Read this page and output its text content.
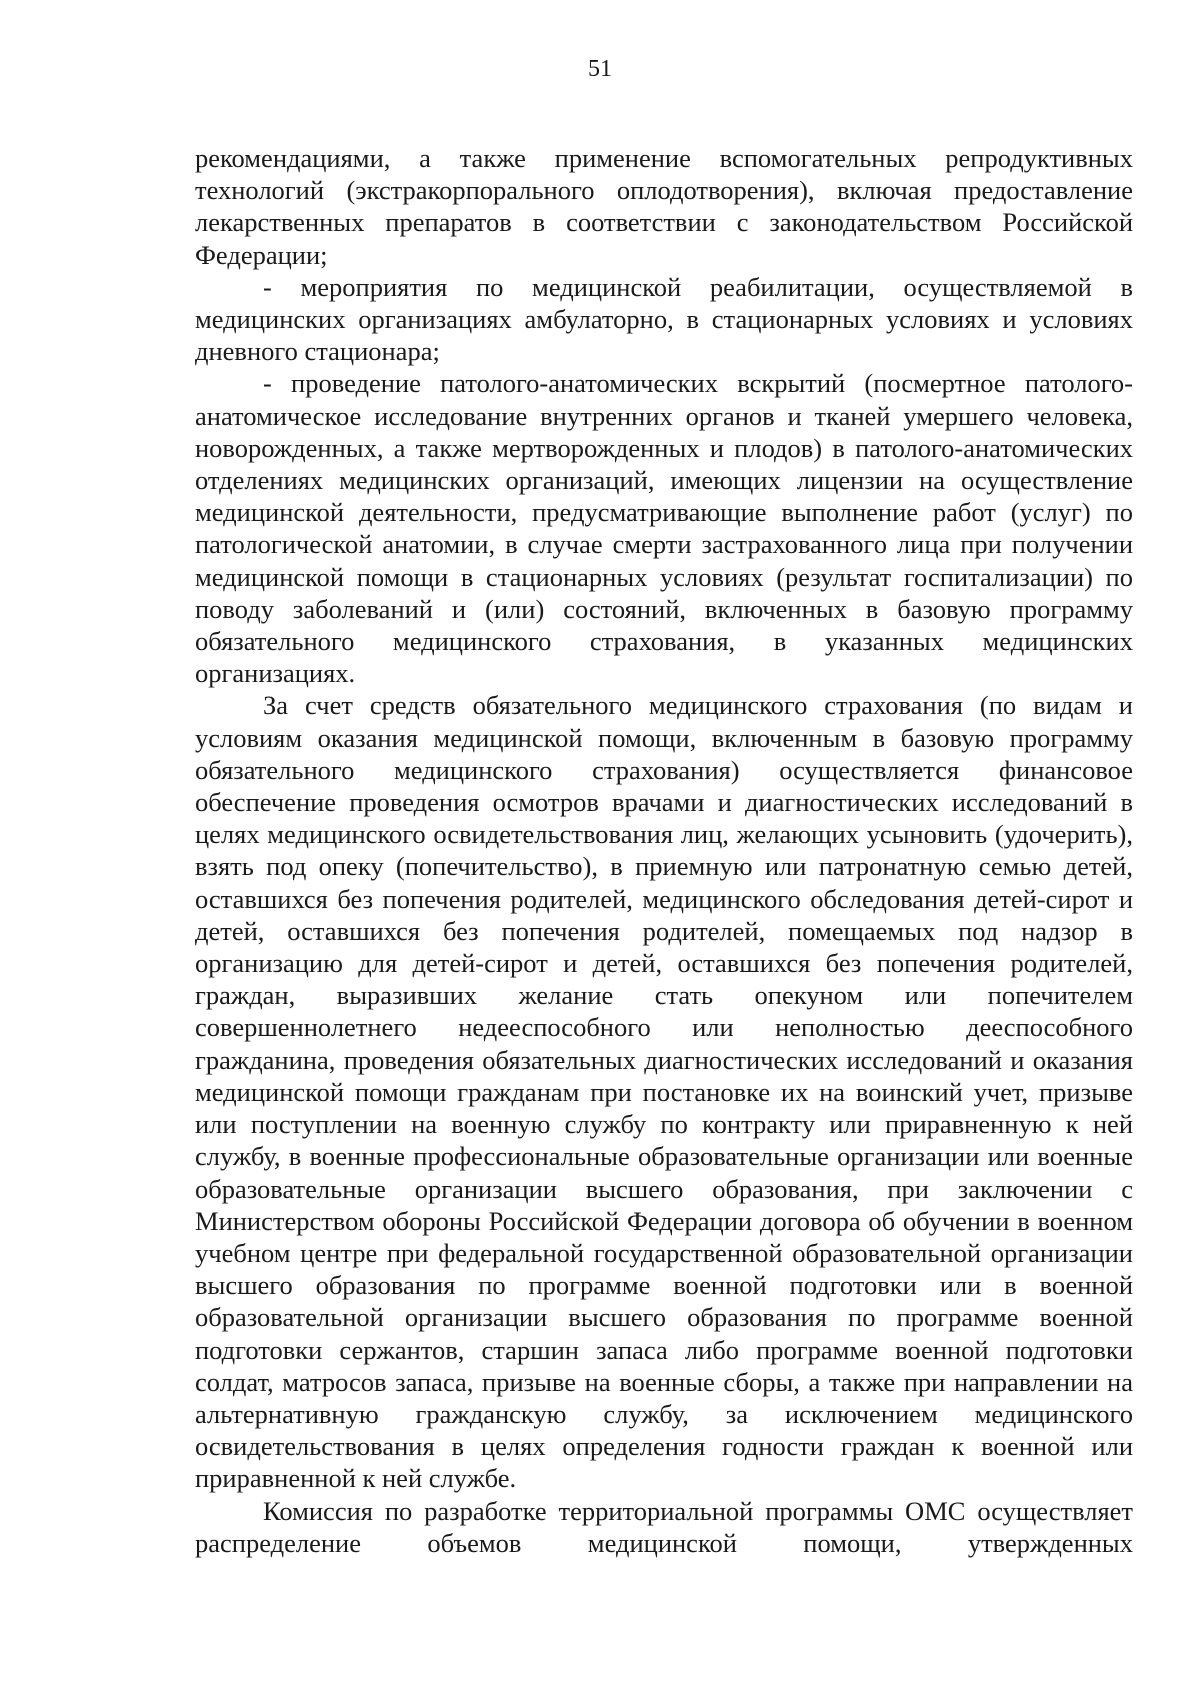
51

рекомендациями, а также применение вспомогательных репродуктивных технологий (экстракорпорального оплодотворения), включая предоставление лекарственных препаратов в соответствии с законодательством Российской Федерации;

- мероприятия по медицинской реабилитации, осуществляемой в медицинских организациях амбулаторно, в стационарных условиях и условиях дневного стационара;

- проведение патолого-анатомических вскрытий (посмертное патолого-анатомическое исследование внутренних органов и тканей умершего человека, новорожденных, а также мертворожденных и плодов) в патолого-анатомических отделениях медицинских организаций, имеющих лицензии на осуществление медицинской деятельности, предусматривающие выполнение работ (услуг) по патологической анатомии, в случае смерти застрахованного лица при получении медицинской помощи в стационарных условиях (результат госпитализации) по поводу заболеваний и (или) состояний, включенных в базовую программу обязательного медицинского страхования, в указанных медицинских организациях.

За счет средств обязательного медицинского страхования (по видам и условиям оказания медицинской помощи, включенным в базовую программу обязательного медицинского страхования) осуществляется финансовое обеспечение проведения осмотров врачами и диагностических исследований в целях медицинского освидетельствования лиц, желающих усыновить (удочерить), взять под опеку (попечительство), в приемную или патронатную семью детей, оставшихся без попечения родителей, медицинского обследования детей-сирот и детей, оставшихся без попечения родителей, помещаемых под надзор в организацию для детей-сирот и детей, оставшихся без попечения родителей, граждан, выразивших желание стать опекуном или попечителем совершеннолетнего недееспособного или неполностью дееспособного гражданина, проведения обязательных диагностических исследований и оказания медицинской помощи гражданам при постановке их на воинский учет, призыве или поступлении на военную службу по контракту или приравненную к ней службу, в военные профессиональные образовательные организации или военные образовательные организации высшего образования, при заключении с Министерством обороны Российской Федерации договора об обучении в военном учебном центре при федеральной государственной образовательной организации высшего образования по программе военной подготовки или в военной образовательной организации высшего образования по программе военной подготовки сержантов, старшин запаса либо программе военной подготовки солдат, матросов запаса, призыве на военные сборы, а также при направлении на альтернативную гражданскую службу, за исключением медицинского освидетельствования в целях определения годности граждан к военной или приравненной к ней службе.

Комиссия по разработке территориальной программы ОМС осуществляет распределение объемов медицинской помощи, утвержденных
